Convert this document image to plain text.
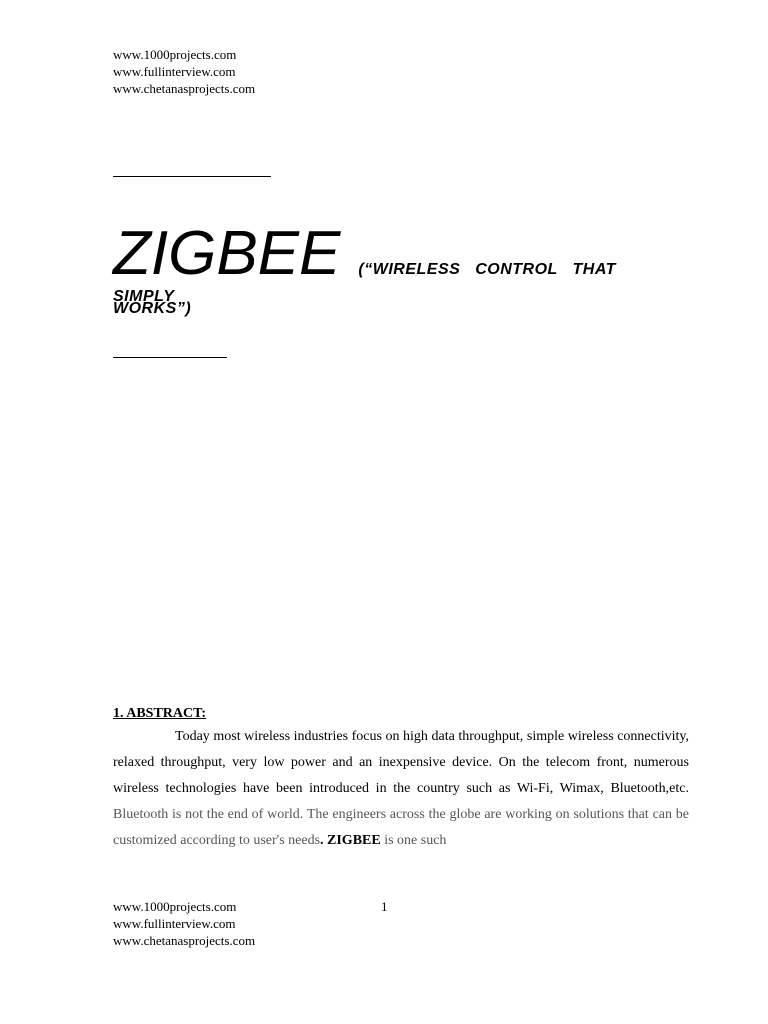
www.1000projects.com
www.fullinterview.com
www.chetanasprojects.com
ZIGBEE (“WIRELESS CONTROL THAT SIMPLY
WORKS”)
1. ABSTRACT:

Today most wireless industries focus on high data throughput, simple wireless connectivity, relaxed throughput, very low power and an inexpensive device. On the telecom front, numerous wireless technologies have been introduced in the country such as Wi-Fi, Wimax, Bluetooth,etc. Bluetooth is not the end of world. The engineers across the globe are working on solutions that can be customized according to user's needs. ZIGBEE is one such

www.1000projects.com
www.fullinterview.com
www.chetanasprojects.com
1
